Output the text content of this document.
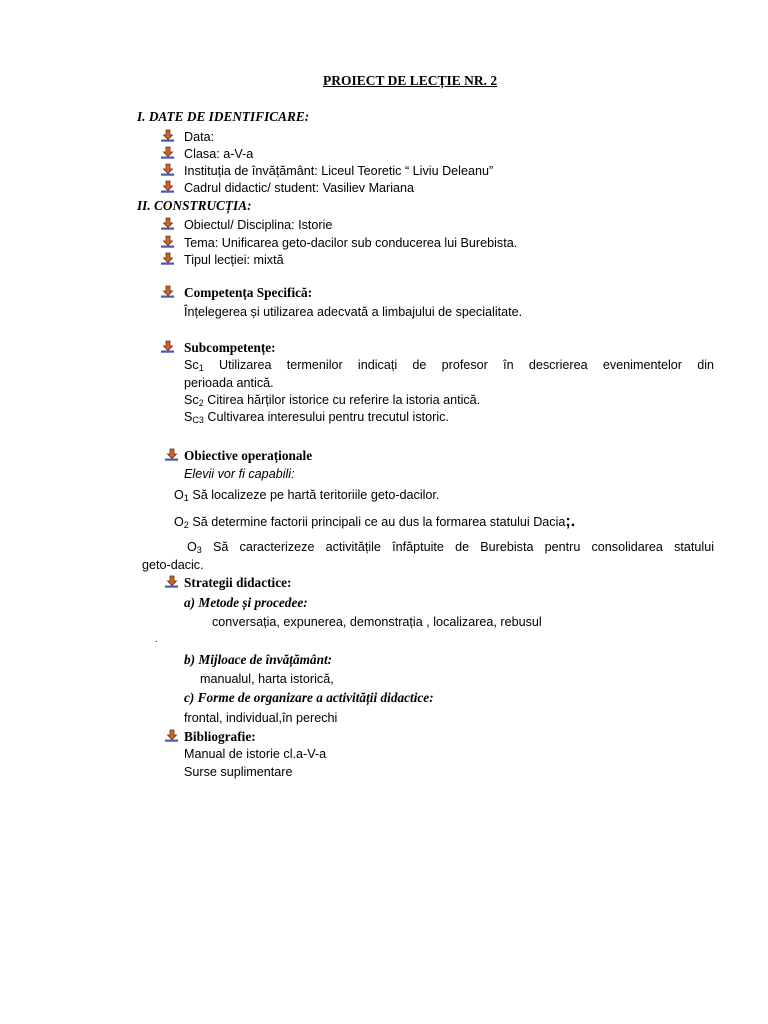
PROIECT DE LECȚIE NR. 2
I. DATE DE IDENTIFICARE:
Data:
Clasa: a-V-a
Instituția de învățământ: Liceul Teoretic “ Liviu Deleanu”
Cadrul didactic/ student: Vasiliev Mariana
II. CONSTRUCȚIA:
Obiectul/ Disciplina: Istorie
Tema: Unificarea geto-dacilor sub conducerea lui Burebista.
Tipul lecției: mixtă
Competența Specifică:
Înțelegerea și utilizarea adecvată a limbajului de specialitate.
Subcompetențe:
$Sc_1$ Utilizarea termenilor indicați de profesor în descrierea evenimentelor din
perioada antică.
$Sc_2$ Citirea hărților istorice cu referire la istoria antică.
$S_{C3}$ Cultivarea interesului pentru trecutul istoric.
Obiective operaționale
Elevii vor fi capabili:
$O_1$ Să localizeze pe hartă teritoriile geto-dacilor.
$O_2$ Să determine factorii principali ce au dus la formarea statului Dacia;.
$O_3$ Să caracterizeze activitățile înfăptuite de Burebista pentru consolidarea statului
geto-dacic.
Strategii didactice:
a) Metode și procedee:
conversația, expunerea, demonstrația , localizarea, rebusul
.
b) Mijloace de învățământ:
manualul, harta istorică,
c) Forme de organizare a activității didactice:
frontal, individual,în perechi
Bibliografie:
Manual de istorie cl.a-V-a
Surse suplimentare
